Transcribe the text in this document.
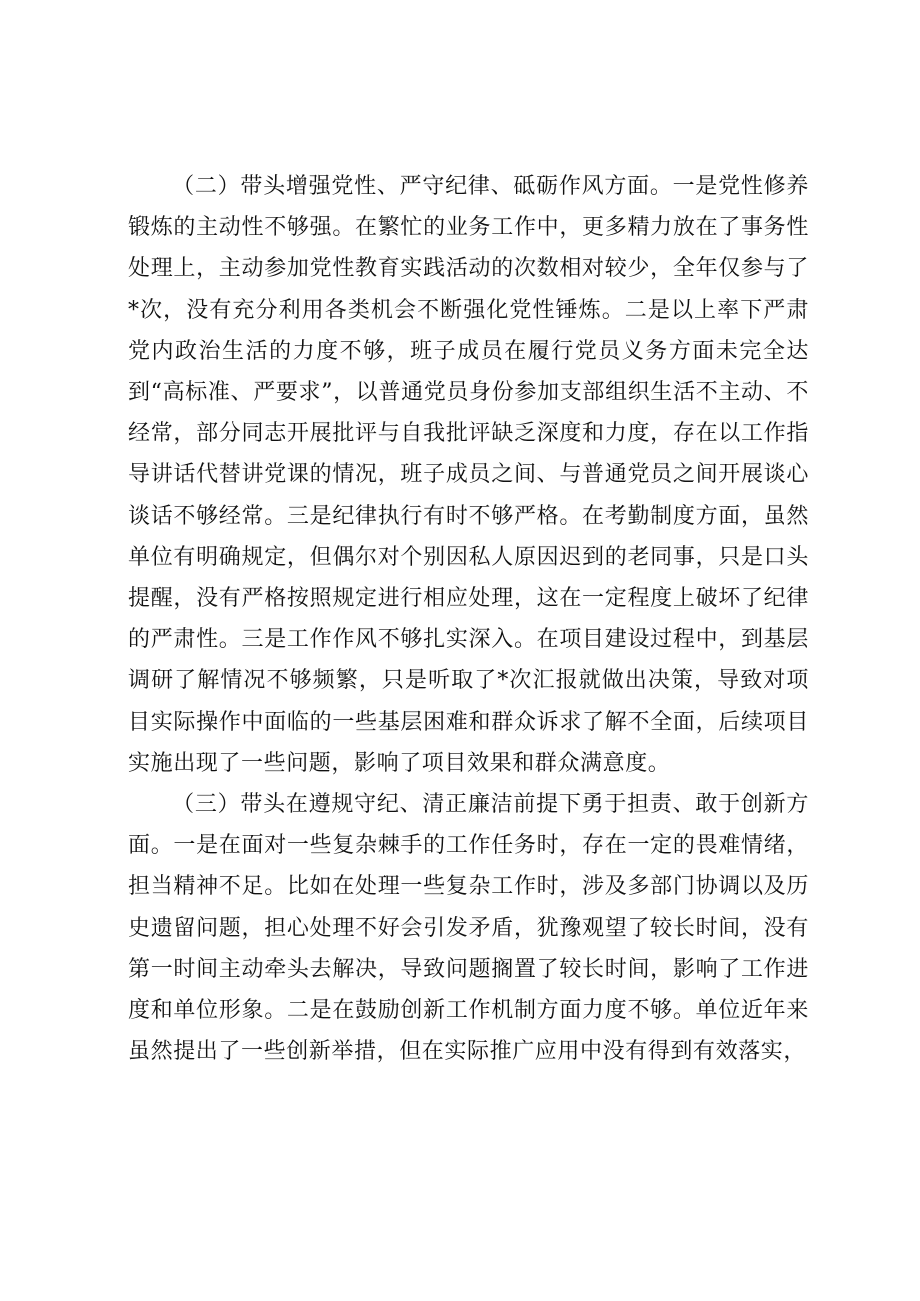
（二）带头增强党性、严守纪律、砥砺作风方面。一是党性修养锻炼的主动性不够强。在繁忙的业务工作中，更多精力放在了事务性处理上，主动参加党性教育实践活动的次数相对较少，全年仅参与了*次，没有充分利用各类机会不断强化党性锤炼。二是以上率下严肃党内政治生活的力度不够，班子成员在履行党员义务方面未完全达到“高标准、严要求”，以普通党员身份参加支部组织生活不主动、不经常，部分同志开展批评与自我批评缺乏深度和力度，存在以工作指导讲话代替讲党课的情况，班子成员之间、与普通党员之间开展谈心谈话不够经常。三是纪律执行有时不够严格。在考勤制度方面，虽然单位有明确规定，但偶尔对个别因私人原因迟到的老同事，只是口头提醒，没有严格按照规定进行相应处理，这在一定程度上破坏了纪律的严肃性。三是工作作风不够扎实深入。在项目建设过程中，到基层调研了解情况不够频繁，只是听取了*次汇报就做出决策，导致对项目实际操作中面临的一些基层困难和群众诉求了解不全面，后续项目实施出现了一些问题，影响了项目效果和群众满意度。

（三）带头在遵规守纪、清正廉洁前提下勇于担责、敢于创新方面。一是在面对一些复杂棘手的工作任务时，存在一定的畏难情绪，担当精神不足。比如在处理一些复杂工作时，涉及多部门协调以及历史遗留问题，担心处理不好会引发矛盾，犹豫观望了较长时间，没有第一时间主动牵头去解决，导致问题搁置了较长时间，影响了工作进度和单位形象。二是在鼓励创新工作机制方面力度不够。单位近年来虽然提出了一些创新举措，但在实际推广应用中没有得到有效落实，
